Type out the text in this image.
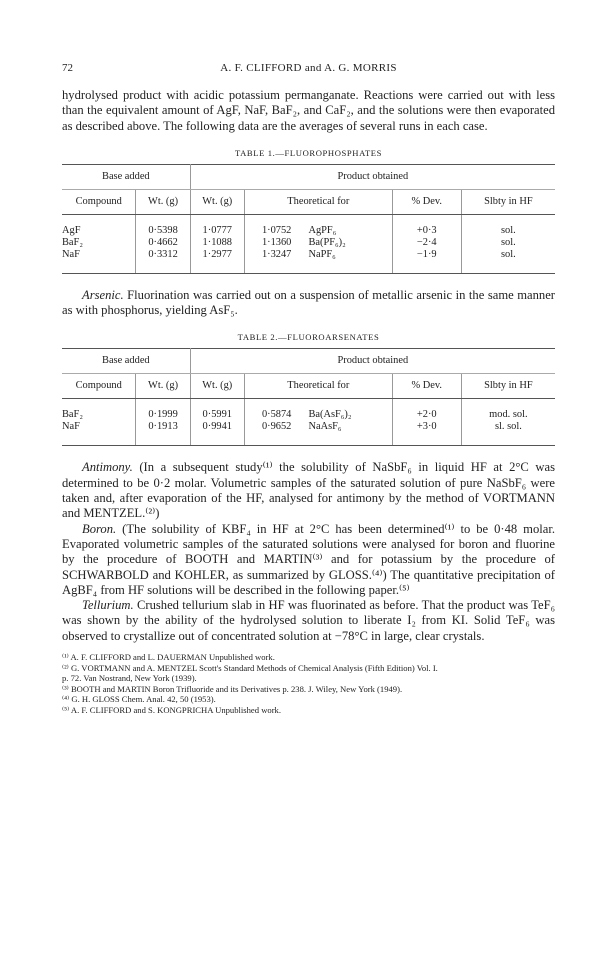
72	A. F. CLIFFORD and A. G. MORRIS

hydrolysed product with acidic potassium permanganate. Reactions were carried out with less than the equivalent amount of AgF, NaF, BaF₂, and CaF₂, and the solutions were then evaporated as described above. The following data are the averages of several runs in each case.

TABLE 1.—FLUOROPHOSPHATES
Base added		Product obtained				
Compound	Wt. (g)	Wt. (g)	Theoretical for		% Dev.	Slbty in HF
AgF	0·5398	1·0777	1·0752	AgPF₆	+0·3	sol.
BaF₂	0·4662	1·1088	1·1360	Ba(PF₆)₂	−2·4	sol.
NaF	0·3312	1·2977	1·3247	NaPF₆	−1·9	sol.

Arsenic. Fluorination was carried out on a suspension of metallic arsenic in the same manner as with phosphorus, yielding AsF₅.

TABLE 2.—FLUOROARSENATES
Base added		Product obtained				
Compound	Wt. (g)	Wt. (g)	Theoretical for		% Dev.	Slbty in HF
BaF₂	0·1999	0·5991	0·5874	Ba(AsF₆)₂	+2·0	mod. sol.
NaF	0·1913	0·9941	0·9652	NaAsF₆	+3·0	sl. sol.

Antimony. (In a subsequent study⁽¹⁾ the solubility of NaSbF₆ in liquid HF at 2°C was determined to be 0·2 molar. Volumetric samples of the saturated solution of pure NaSbF₆ were taken and, after evaporation of the HF, analysed for antimony by the method of VORTMANN and MENTZEL.⁽²⁾)

Boron. (The solubility of KBF₄ in HF at 2°C has been determined⁽¹⁾ to be 0·48 molar. Evaporated volumetric samples of the saturated solutions were analysed for boron and fluorine by the procedure of BOOTH and MARTIN⁽³⁾ and for potassium by the procedure of SCHWARBOLD and KOHLER, as summarized by GLOSS.⁽⁴⁾) The quantitative precipitation of AgBF₄ from HF solutions will be described in the following paper.⁽⁵⁾

Tellurium. Crushed tellurium slab in HF was fluorinated as before. That the product was TeF₆ was shown by the ability of the hydrolysed solution to liberate I₂ from KI. Solid TeF₆ was observed to crystallize out of concentrated solution at −78°C in large, clear crystals.

⁽¹⁾ A. F. CLIFFORD and L. DAUERMAN Unpublished work.
⁽²⁾ G. VORTMANN and A. MENTZEL Scott's Standard Methods of Chemical Analysis (Fifth Edition) Vol. I.
p. 72. Van Nostrand, New York (1939).
⁽³⁾ BOOTH and MARTIN Boron Trifluoride and its Derivatives p. 238. J. Wiley, New York (1949).
⁽⁴⁾ G. H. GLOSS Chem. Anal. 42, 50 (1953).
⁽⁵⁾ A. F. CLIFFORD and S. KONGPRICHA Unpublished work.
